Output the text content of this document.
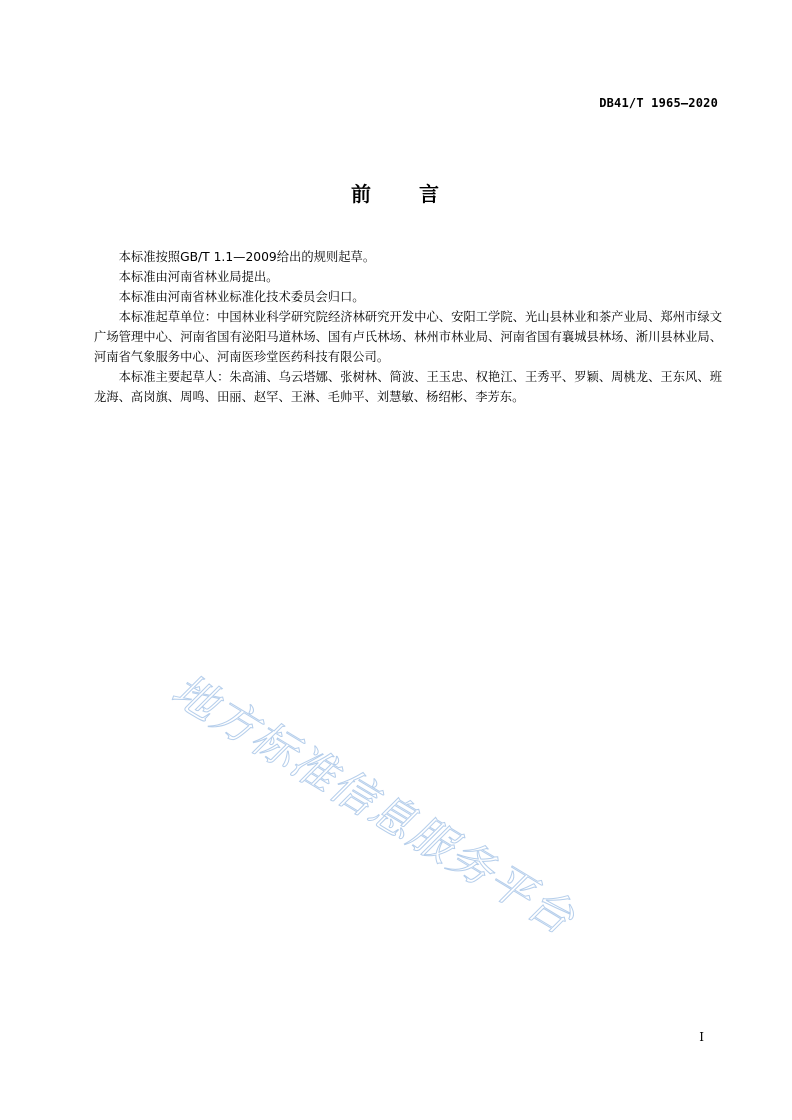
DB41/T 1965—2020
前 言

本标准按照GB/T 1.1—2009给出的规则起草。

本标准由河南省林业局提出。

本标准由河南省林业标准化技术委员会归口。

本标准起草单位：中国林业科学研究院经济林研究开发中心、安阳工学院、光山县林业和茶产业局、郑州市绿文广场管理中心、河南省国有泌阳马道林场、国有卢氏林场、林州市林业局、河南省国有襄城县林场、淅川县林业局、河南省气象服务中心、河南医珍堂医药科技有限公司。

本标准主要起草人：朱高浦、乌云塔娜、张树林、简波、王玉忠、权艳江、王秀平、罗颖、周桃龙、王东风、班龙海、高岗旗、周鸣、田丽、赵罕、王淋、毛帅平、刘慧敏、杨绍彬、李芳东。

地方标准信息服务平台
I
